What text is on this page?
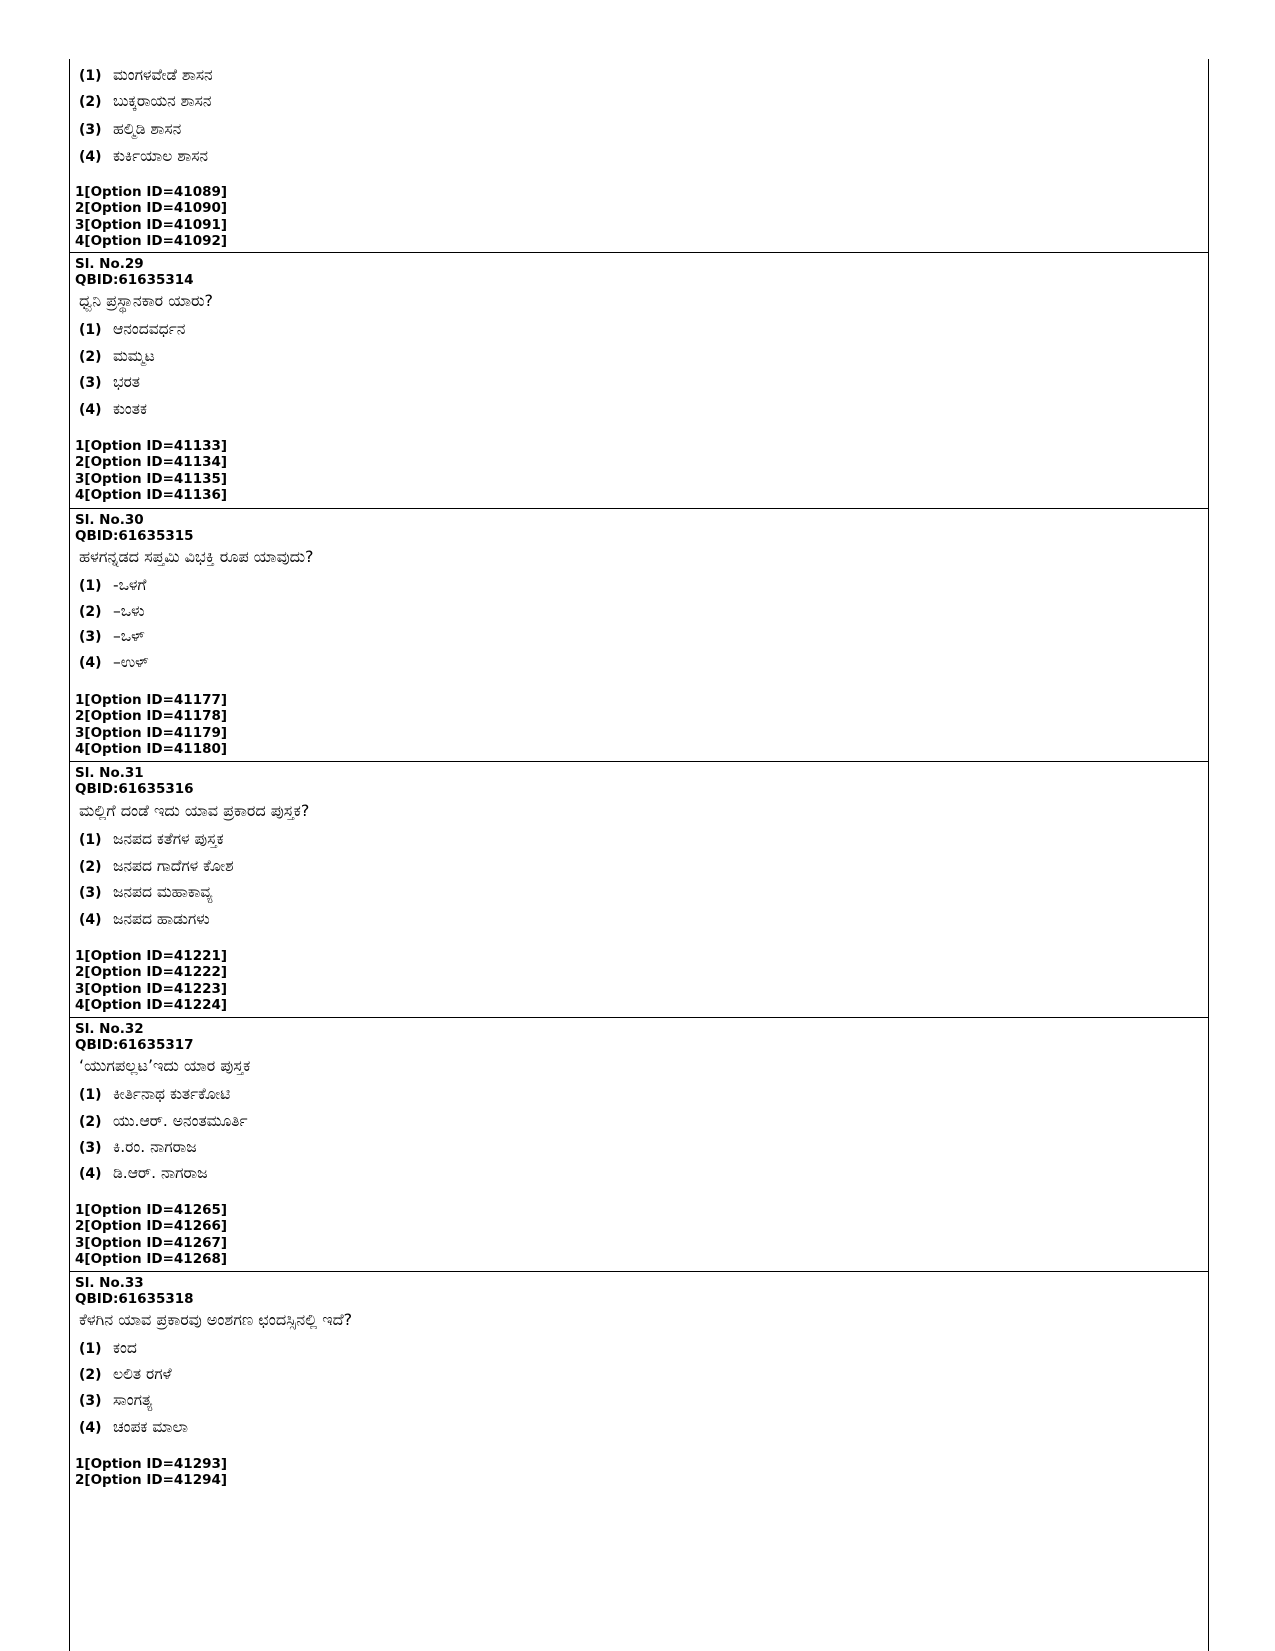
(1) ಮಂಗಳವೇಡೆ ಶಾಸನ
(2) ಬುಕ್ಕರಾಯನ ಶಾಸನ
(3) ಹಲ್ಮಿಡಿ ಶಾಸನ
(4) ಕುರ್ಕಿಯಾಲ ಶಾಸನ
1[Option ID=41089]
2[Option ID=41090]
3[Option ID=41091]
4[Option ID=41092]
Sl. No.29
QBID:61635314
ಧ್ವನಿ ಪ್ರಸ್ಥಾನಕಾರ ಯಾರು?
(1) ಆನಂದವರ್ಧನ
(2) ಮಮ್ಮಟ
(3) ಭರತ
(4) ಕುಂತಕ
1[Option ID=41133]
2[Option ID=41134]
3[Option ID=41135]
4[Option ID=41136]
Sl. No.30
QBID:61635315
ಹಳಗನ್ನಡದ ಸಪ್ತಮಿ ವಿಭಕ್ತಿ ರೂಪ ಯಾವುದು?
(1) -ಒಳಗೆ
(2) –ಒಳು
(3) –ಒಳ್
(4) –ಉಳ್
1[Option ID=41177]
2[Option ID=41178]
3[Option ID=41179]
4[Option ID=41180]
Sl. No.31
QBID:61635316
ಮಲ್ಲಿಗೆ ದಂಡೆ ಇದು ಯಾವ ಪ್ರಕಾರದ ಪುಸ್ತಕ?
(1) ಜನಪದ ಕತೆಗಳ ಪುಸ್ತಕ
(2) ಜನಪದ ಗಾದೆಗಳ ಕೋಶ
(3) ಜನಪದ ಮಹಾಕಾವ್ಯ
(4) ಜನಪದ ಹಾಡುಗಳು
1[Option ID=41221]
2[Option ID=41222]
3[Option ID=41223]
4[Option ID=41224]
Sl. No.32
QBID:61635317
‘ಯುಗಪಲ್ಲಟ’ಇದು ಯಾರ ಪುಸ್ತಕ
(1) ಕೀರ್ತಿನಾಥ ಕುರ್ತಕೋಟಿ
(2) ಯು.ಆರ್. ಅನಂತಮೂರ್ತಿ
(3) ಕಿ.ರಂ. ನಾಗರಾಜ
(4) ಡಿ.ಆರ್. ನಾಗರಾಜ
1[Option ID=41265]
2[Option ID=41266]
3[Option ID=41267]
4[Option ID=41268]
Sl. No.33
QBID:61635318
ಕೆಳಗಿನ ಯಾವ ಪ್ರಕಾರವು ಅಂಶಗಣ ಛಂದಸ್ಸಿನಲ್ಲಿ ಇದೆ?
(1) ಕಂದ
(2) ಲಲಿತ ರಗಳೆ
(3) ಸಾಂಗತ್ಯ
(4) ಚಂಪಕ ಮಾಲಾ
1[Option ID=41293]
2[Option ID=41294]
